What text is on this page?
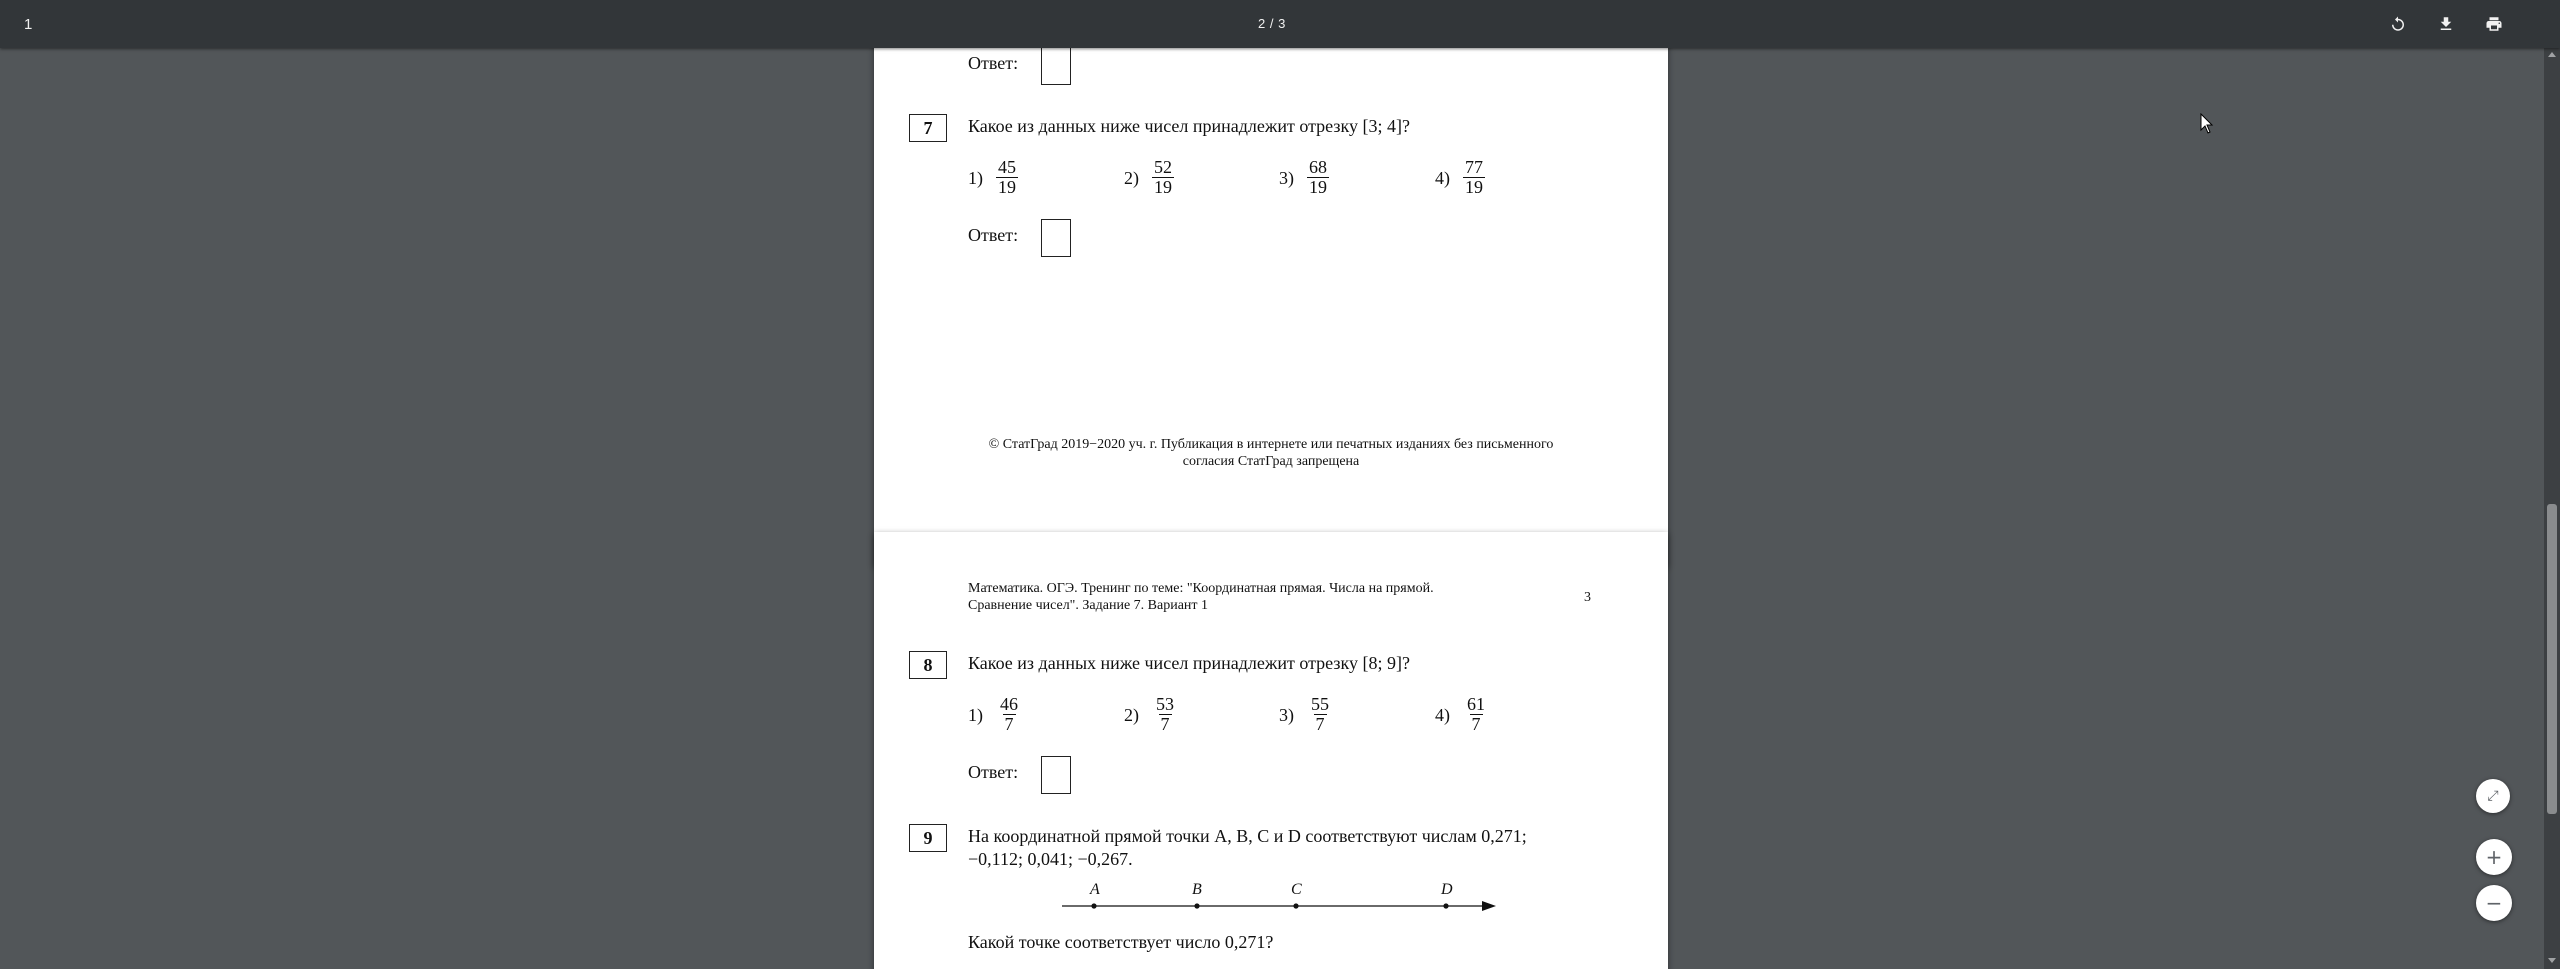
1	2 / 3
Ответ:
7	Какое из данных ниже чисел принадлежит отрезку [3; 4]?
$1) \frac{45}{19}$	$2) \frac{52}{19}$	$3) \frac{68}{19}$	$4) \frac{77}{19}$
Ответ:
© СтатГрад 2019−2020 уч. г. Публикация в интернете или печатных изданиях без письменного
согласия СтатГрад запрещена
Математика. ОГЭ. Тренинг по теме: "Координатная прямая. Числа на прямой.
Сравнение чисел". Задание 7. Вариант 1
3
8	Какое из данных ниже чисел принадлежит отрезку [8; 9]?
$1) \frac{46}{7}$	$2) \frac{53}{7}$	$3) \frac{55}{7}$	$4) \frac{61}{7}$
Ответ:
9	На координатной прямой точки A, B, C и D соответствуют числам 0,271;
−0,112; 0,041; −0,267.
A	B	C	D
Какой точке соответствует число 0,271?
⤢
+
−
